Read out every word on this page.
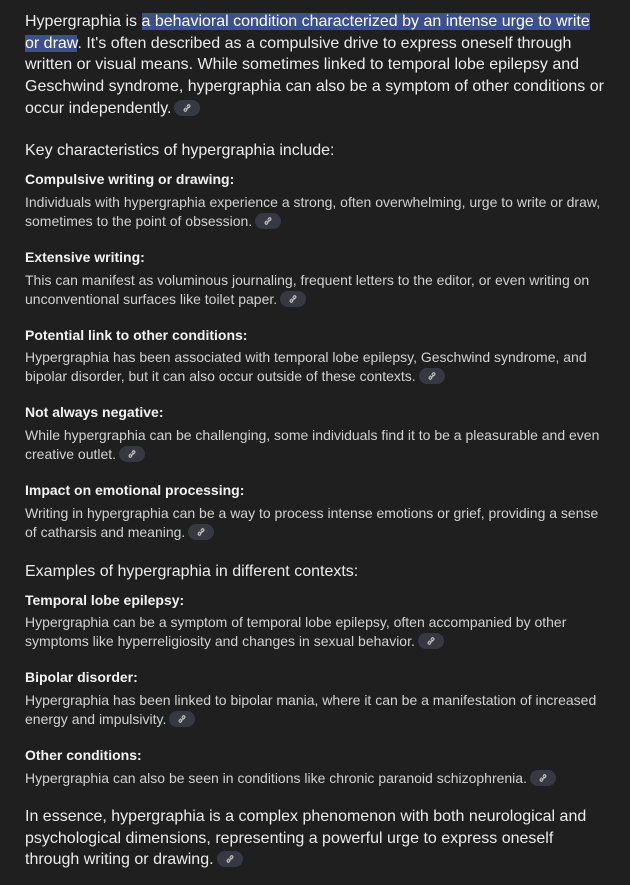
Hypergraphia is a behavioral condition characterized by an intense urge to write or draw. It's often described as a compulsive drive to express oneself through written or visual means. While sometimes linked to temporal lobe epilepsy and Geschwind syndrome, hypergraphia can also be a symptom of other conditions or occur independently.

Key characteristics of hypergraphia include:

Compulsive writing or drawing:

Individuals with hypergraphia experience a strong, often overwhelming, urge to write or draw, sometimes to the point of obsession.

Extensive writing:

This can manifest as voluminous journaling, frequent letters to the editor, or even writing on unconventional surfaces like toilet paper.

Potential link to other conditions:

Hypergraphia has been associated with temporal lobe epilepsy, Geschwind syndrome, and bipolar disorder, but it can also occur outside of these contexts.

Not always negative:

While hypergraphia can be challenging, some individuals find it to be a pleasurable and even creative outlet.

Impact on emotional processing:

Writing in hypergraphia can be a way to process intense emotions or grief, providing a sense of catharsis and meaning.

Examples of hypergraphia in different contexts:

Temporal lobe epilepsy:

Hypergraphia can be a symptom of temporal lobe epilepsy, often accompanied by other symptoms like hyperreligiosity and changes in sexual behavior.

Bipolar disorder:

Hypergraphia has been linked to bipolar mania, where it can be a manifestation of increased energy and impulsivity.

Other conditions:

Hypergraphia can also be seen in conditions like chronic paranoid schizophrenia.

In essence, hypergraphia is a complex phenomenon with both neurological and psychological dimensions, representing a powerful urge to express oneself through writing or drawing.
